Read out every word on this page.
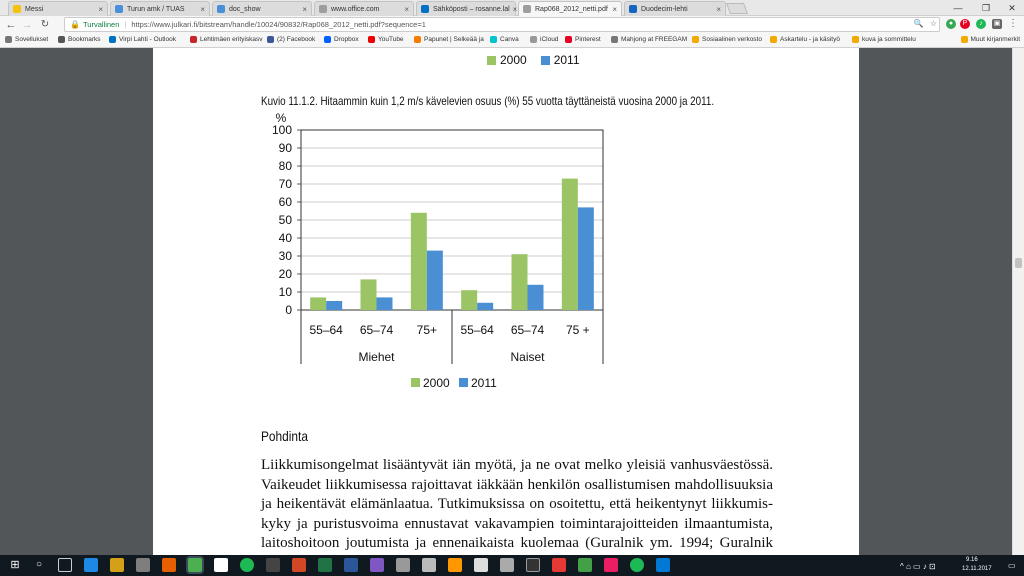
Messi	×	Turun amk / TUAS	×	doc_show	×	www.office.com	×	Sähköposti – rosanne.lal ×	Rap068_2012_netti.pdf ×	Duodecim-lehti	×	—	❐	✕
← → ↻	🔒 Turvallinen | https://www.julkari.fi/bitstream/handle/10024/90832/Rap068_2012_netti.pdf?sequence=1	🔍 ☆	●	P	♪	▣ ⋮
Sovellukset	Bookmarks	Virpi Lahti - Outlook	Lehtimäen erityiskasv (2) Facebook	Dropbox	YouTube	Papunet | Selkeää ja Canva	iCloud	Pinterest	Mahjong at FREEGAM Sosiaalinen verkosto	Askartelu - ja käsityö	kuva ja sommittelu	Muut kirjanmerkit
2000 2011
Kuvio 11.1.2. Hitaammin kuin 1,2 m/s kävelevien osuus (%) 55 vuotta täyttäneistä vuosina 2000 ja 2011.
0
10
20
30
40
50
60
70
80
90
100
%
55–64 65–74 75+ 55–64 65–74 75 +
Miehet	Naiset
2000 2011
Pohdinta
Liikkumisongelmat lisääntyvät iän myötä, ja ne ovat melko yleisiä vanhusväestössä. Vaikeudet liikkumisessa rajoittavat iäkkään henkilön osallistumisen mahdollisuuksia ja heikentävät elämänlaatua. Tutkimuksissa on osoitettu, että heikentynyt liikkumis-kyky ja puristusvoima ennustavat vakavampien toimintarajoitteiden ilmaantumista, laitoshoitoon joutumista ja ennenaikaista kuolemaa (Guralnik ym. 1994; Guralnik
⊞	○	^ ⌂ ▭ ♪ ⊡
9.16
12.11.2017 ▭
